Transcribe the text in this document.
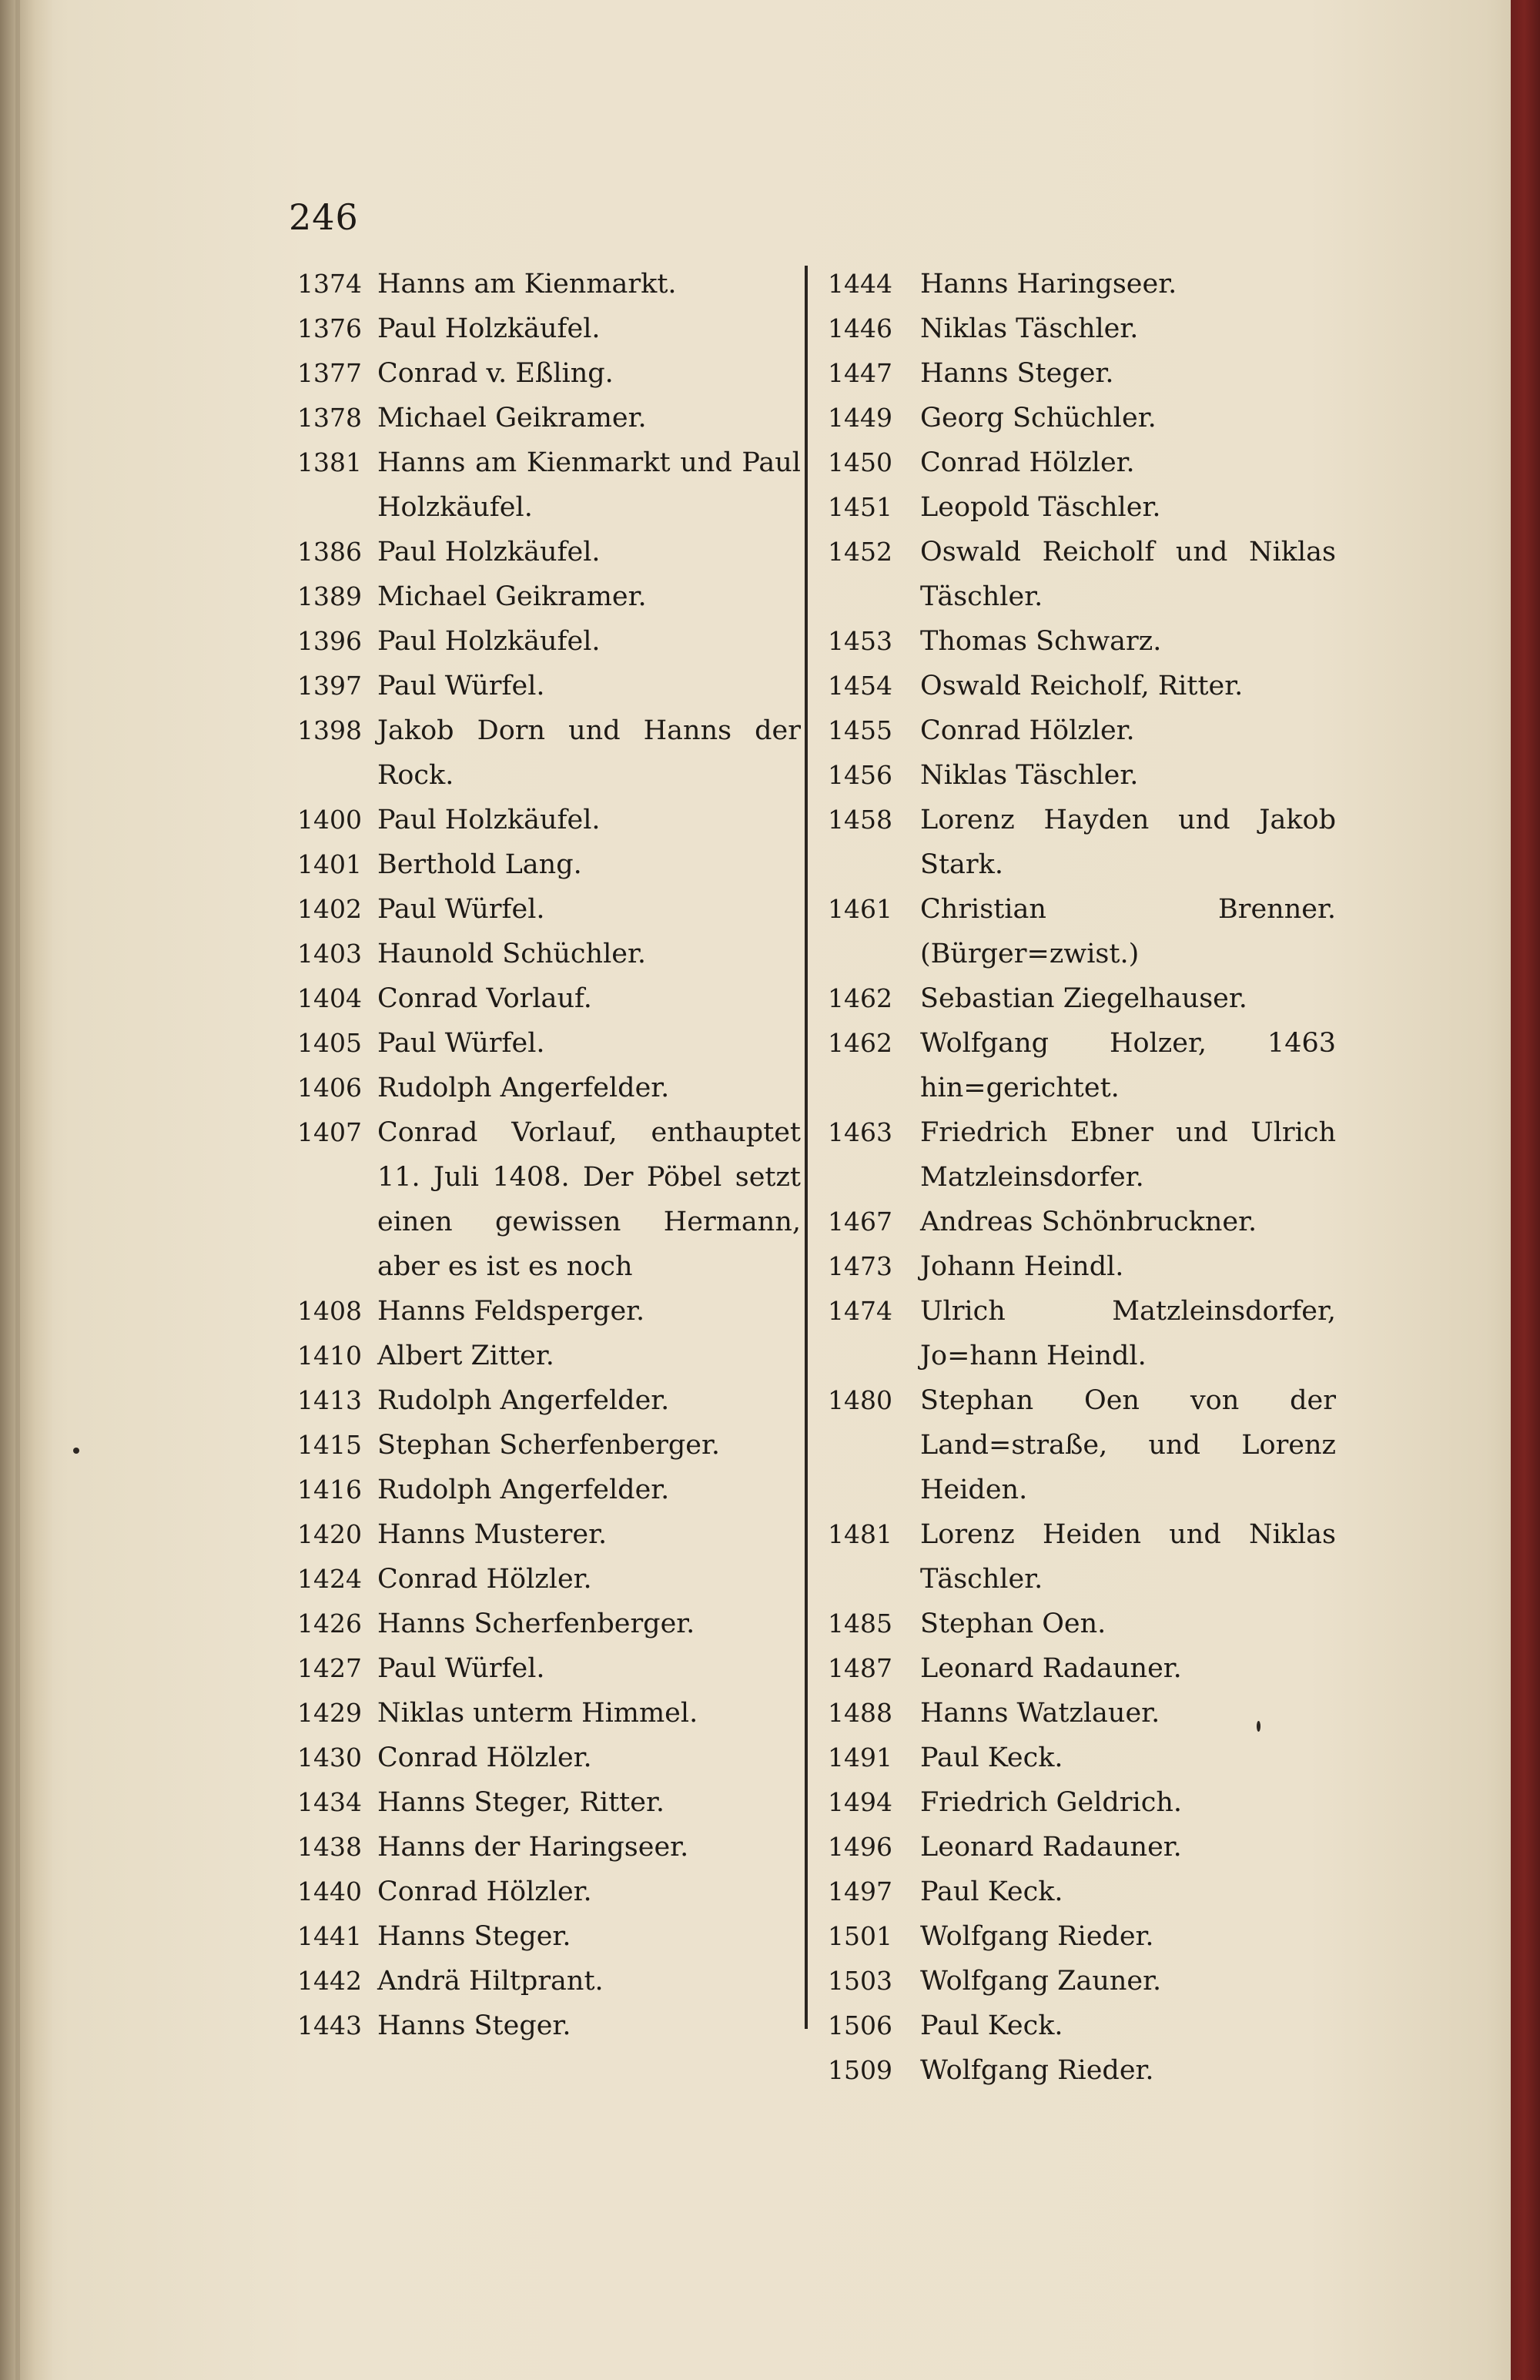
246
1374 Hanns am Kienmarkt.
1376 Paul Holzkäufel.
1377 Conrad v. Eßling.
1378 Michael Geikramer.
1381 Hanns am Kienmarkt und Paul Holzkäufel.
1386 Paul Holzkäufel.
1389 Michael Geikramer.
1396 Paul Holzkäufel.
1397 Paul Würfel.
1398 Jakob Dorn und Hanns der Rock.
1400 Paul Holzkäufel.
1401 Berthold Lang.
1402 Paul Würfel.
1403 Haunold Schüchler.
1404 Conrad Vorlauf.
1405 Paul Würfel.
1406 Rudolph Angerfelder.
1407 Conrad Vorlauf, enthauptet 11. Juli 1408. Der Pöbel setzt einen gewissen Hermann, aber es ist es noch
1408 Hanns Feldsperger.
1410 Albert Zitter.
1413 Rudolph Angerfelder.
1415 Stephan Scherfenberger.
1416 Rudolph Angerfelder.
1420 Hanns Musterer.
1424 Conrad Hölzler.
1426 Hanns Scherfenberger.
1427 Paul Würfel.
1429 Niklas unterm Himmel.
1430 Conrad Hölzler.
1434 Hanns Steger, Ritter.
1438 Hanns der Haringseer.
1440 Conrad Hölzler.
1441 Hanns Steger.
1442 Andrä Hiltprant.
1443 Hanns Steger.
1444	Hanns Haringseer.
1446	Niklas Täschler.
1447	Hanns Steger.
1449	Georg Schüchler.
1450	Conrad Hölzler.
1451	Leopold Täschler.
1452	Oswald Reicholf und Niklas Täschler.
1453	Thomas Schwarz.
1454	Oswald Reicholf, Ritter.
1455	Conrad Hölzler.
1456	Niklas Täschler.
1458	Lorenz Hayden und Jakob Stark.
1461	Christian Brenner. (Bürger=zwist.)
1462	Sebastian Ziegelhauser.
1462	Wolfgang Holzer, 1463 hin=gerichtet.
1463	Friedrich Ebner und Ulrich Matzleinsdorfer.
1467	Andreas Schönbruckner.
1473	Johann Heindl.
1474	Ulrich Matzleinsdorfer, Jo=hann Heindl.
1480	Stephan Oen von der Land=straße, und Lorenz Heiden.
1481	Lorenz Heiden und Niklas Täschler.
1485	Stephan Oen.
1487	Leonard Radauner.
1488	Hanns Watzlauer.
1491	Paul Keck.
1494	Friedrich Geldrich.
1496	Leonard Radauner.
1497	Paul Keck.
1501	Wolfgang Rieder.
1503	Wolfgang Zauner.
1506	Paul Keck.
1509	Wolfgang Rieder.
